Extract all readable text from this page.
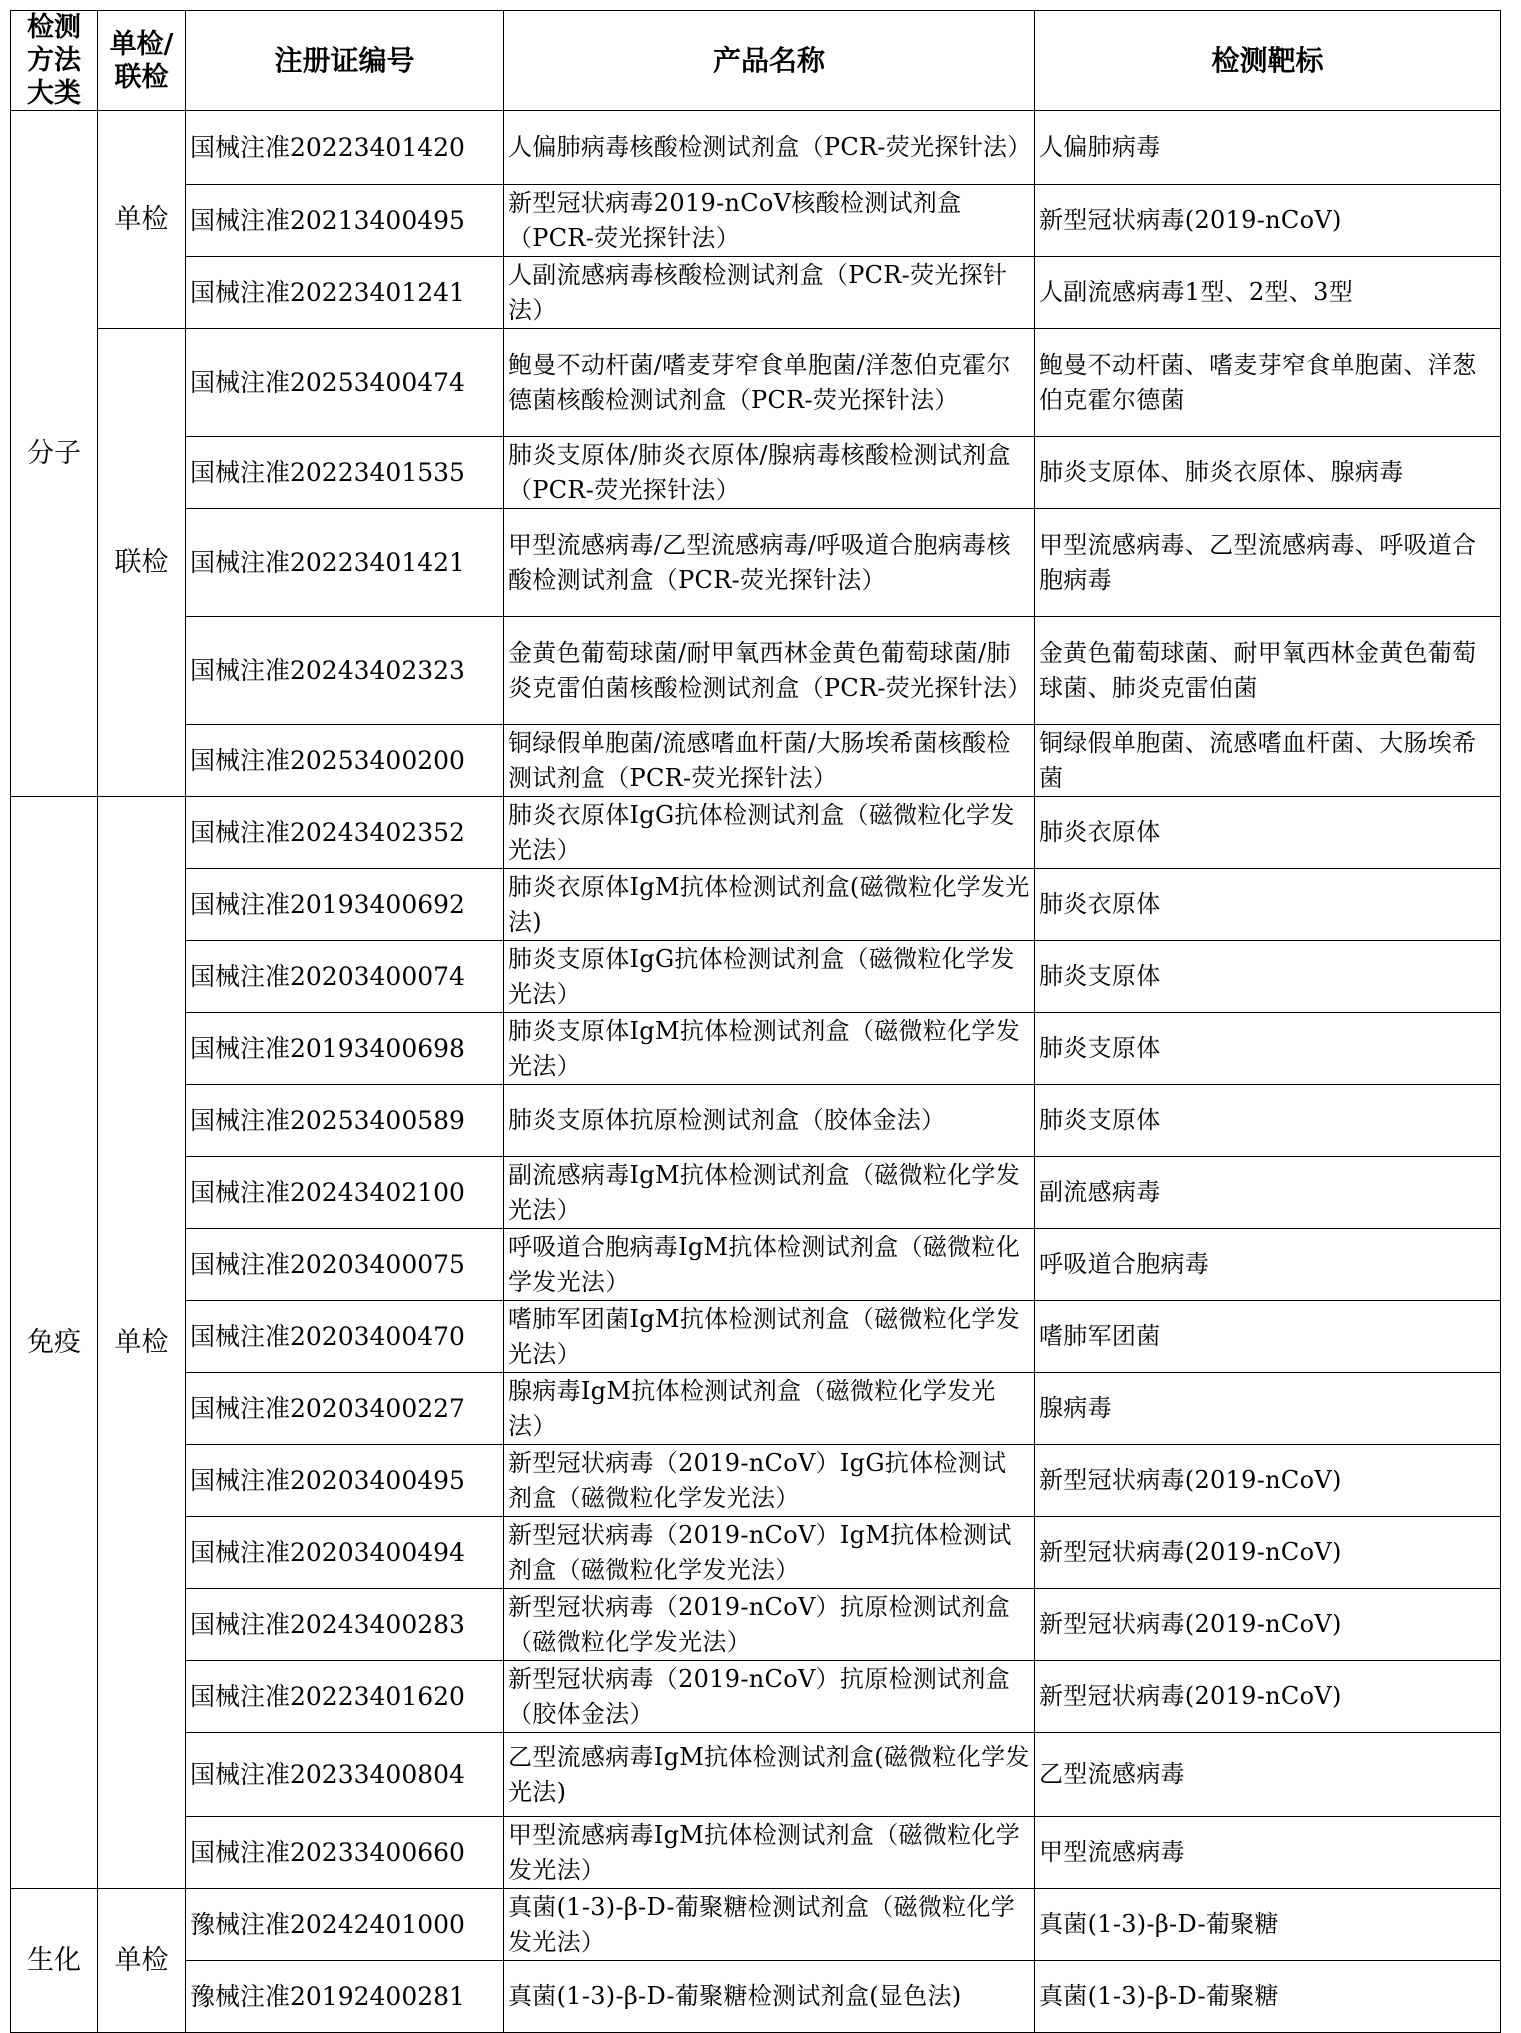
检测方法大类	单检/联检	注册证编号	产品名称	检测靶标
分子	单检	国械注准20223401420	人偏肺病毒核酸检测试剂盒（PCR-荧光探针法）	人偏肺病毒
		国械注准20213400495	新型冠状病毒2019-nCoV核酸检测试剂盒（PCR-荧光探针法）	新型冠状病毒(2019-nCoV)
		国械注准20223401241	人副流感病毒核酸检测试剂盒（PCR-荧光探针法）	人副流感病毒1型、2型、3型
	联检	国械注准20253400474	鲍曼不动杆菌/嗜麦芽窄食单胞菌/洋葱伯克霍尔德菌核酸检测试剂盒（PCR-荧光探针法）	鲍曼不动杆菌、嗜麦芽窄食单胞菌、洋葱伯克霍尔德菌
		国械注准20223401535	肺炎支原体/肺炎衣原体/腺病毒核酸检测试剂盒（PCR-荧光探针法）	肺炎支原体、肺炎衣原体、腺病毒
		国械注准20223401421	甲型流感病毒/乙型流感病毒/呼吸道合胞病毒核酸检测试剂盒（PCR-荧光探针法）	甲型流感病毒、乙型流感病毒、呼吸道合胞病毒
		国械注准20243402323	金黄色葡萄球菌/耐甲氧西林金黄色葡萄球菌/肺炎克雷伯菌核酸检测试剂盒（PCR-荧光探针法）	金黄色葡萄球菌、耐甲氧西林金黄色葡萄球菌、肺炎克雷伯菌
		国械注准20253400200	铜绿假单胞菌/流感嗜血杆菌/大肠埃希菌核酸检测试剂盒（PCR-荧光探针法）	铜绿假单胞菌、流感嗜血杆菌、大肠埃希菌
免疫	单检	国械注准20243402352	肺炎衣原体IgG抗体检测试剂盒（磁微粒化学发光法）	肺炎衣原体
		国械注准20193400692	肺炎衣原体IgM抗体检测试剂盒(磁微粒化学发光法)	肺炎衣原体
		国械注准20203400074	肺炎支原体IgG抗体检测试剂盒（磁微粒化学发光法）	肺炎支原体
		国械注准20193400698	肺炎支原体IgM抗体检测试剂盒（磁微粒化学发光法）	肺炎支原体
		国械注准20253400589	肺炎支原体抗原检测试剂盒（胶体金法）	肺炎支原体
		国械注准20243402100	副流感病毒IgM抗体检测试剂盒（磁微粒化学发光法）	副流感病毒
		国械注准20203400075	呼吸道合胞病毒IgM抗体检测试剂盒（磁微粒化学发光法）	呼吸道合胞病毒
		国械注准20203400470	嗜肺军团菌IgM抗体检测试剂盒（磁微粒化学发光法）	嗜肺军团菌
		国械注准20203400227	腺病毒IgM抗体检测试剂盒（磁微粒化学发光法）	腺病毒
		国械注准20203400495	新型冠状病毒（2019-nCoV）IgG抗体检测试剂盒（磁微粒化学发光法）	新型冠状病毒(2019-nCoV)
		国械注准20203400494	新型冠状病毒（2019-nCoV）IgM抗体检测试剂盒（磁微粒化学发光法）	新型冠状病毒(2019-nCoV)
		国械注准20243400283	新型冠状病毒（2019-nCoV）抗原检测试剂盒（磁微粒化学发光法）	新型冠状病毒(2019-nCoV)
		国械注准20223401620	新型冠状病毒（2019-nCoV）抗原检测试剂盒（胶体金法）	新型冠状病毒(2019-nCoV)
		国械注准20233400804	乙型流感病毒IgM抗体检测试剂盒(磁微粒化学发光法)	乙型流感病毒
		国械注准20233400660	甲型流感病毒IgM抗体检测试剂盒（磁微粒化学发光法）	甲型流感病毒
生化	单检	豫械注准20242401000	真菌(1-3)-β-D-葡聚糖检测试剂盒（磁微粒化学发光法）	真菌(1-3)-β-D-葡聚糖
		豫械注准20192400281	真菌(1-3)-β-D-葡聚糖检测试剂盒(显色法)	真菌(1-3)-β-D-葡聚糖
